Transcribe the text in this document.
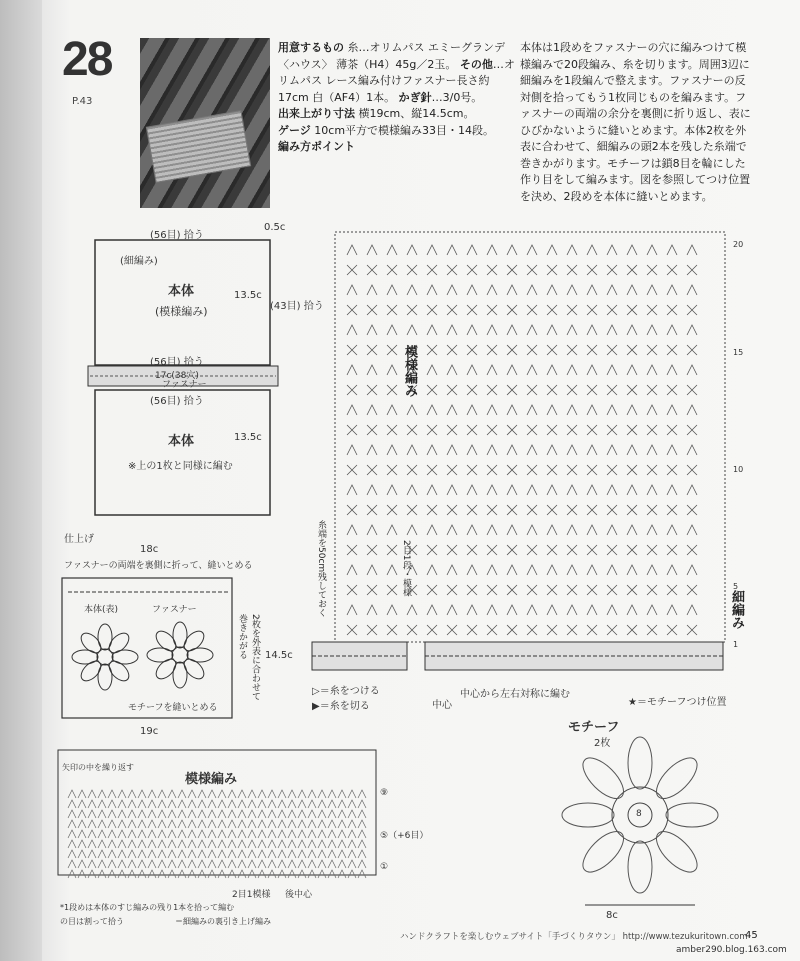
28
P.43
用意するもの 糸…オリムパス エミーグランデ〈ハウス〉 薄茶（H4）45g／2玉。 その他…オリムパス レース編み付けファスナー長さ約17cm 白（AF4）1本。 かぎ針…3/0号。
出来上がり寸法 横19cm、縦14.5cm。
ゲージ 10cm平方で模様編み33目・14段。
編み方ポイント
本体は1段めをファスナーの穴に編みつけて模様編みで20段編み、糸を切ります。周囲3辺に細編みを1段編んで整えます。ファスナーの反対側を拾ってもう1枚同じものを編みます。ファスナーの両端の余分を裏側に折り返し、表にひびかないように縫いとめます。本体2枚を外表に合わせて、細編みの頭2本を残した糸端で巻きかがります。モチーフは鎖8目を輪にした作り目をして編みます。図を参照してつけ位置を決め、2段めを本体に縫いとめます。
(56目) 拾う
0.5c
(細編み)
本体
(模様編み)
13.5c
(43目) 拾う
(56目) 拾う
17c(38穴)
ファスナー
(56目) 拾う
本体	13.5c
※上の1枚と同様に編む
仕上げ
18c
ファスナーの両端を裏側に折って、縫いとめる
本体(表)	ファスナー
2枚を外表に合わせて巻きかがる	14.5c
モチーフを縫いとめる
19c
模様編み
細編み
20
15
10
5
1
糸端を50cm残しておく	2目1段・模様
中心
中心から左右対称に編む
★＝モチーフつけ位置
▷＝糸をつける
▶＝糸を切る
モチーフ
2枚
8
8c
模様編み
矢印の中を繰り返す
⑨
⑤（+6目）
①
2目1模様 後中心
*1段めは本体のすじ編みの残り1本を拾って編む
の目は割って拾う	＝細編みの裏引き上げ編み
ハンドクラフトを楽しむウェブサイト「手づくりタウン」 http://www.tezukuritown.com
45
amber290.blog.163.com
